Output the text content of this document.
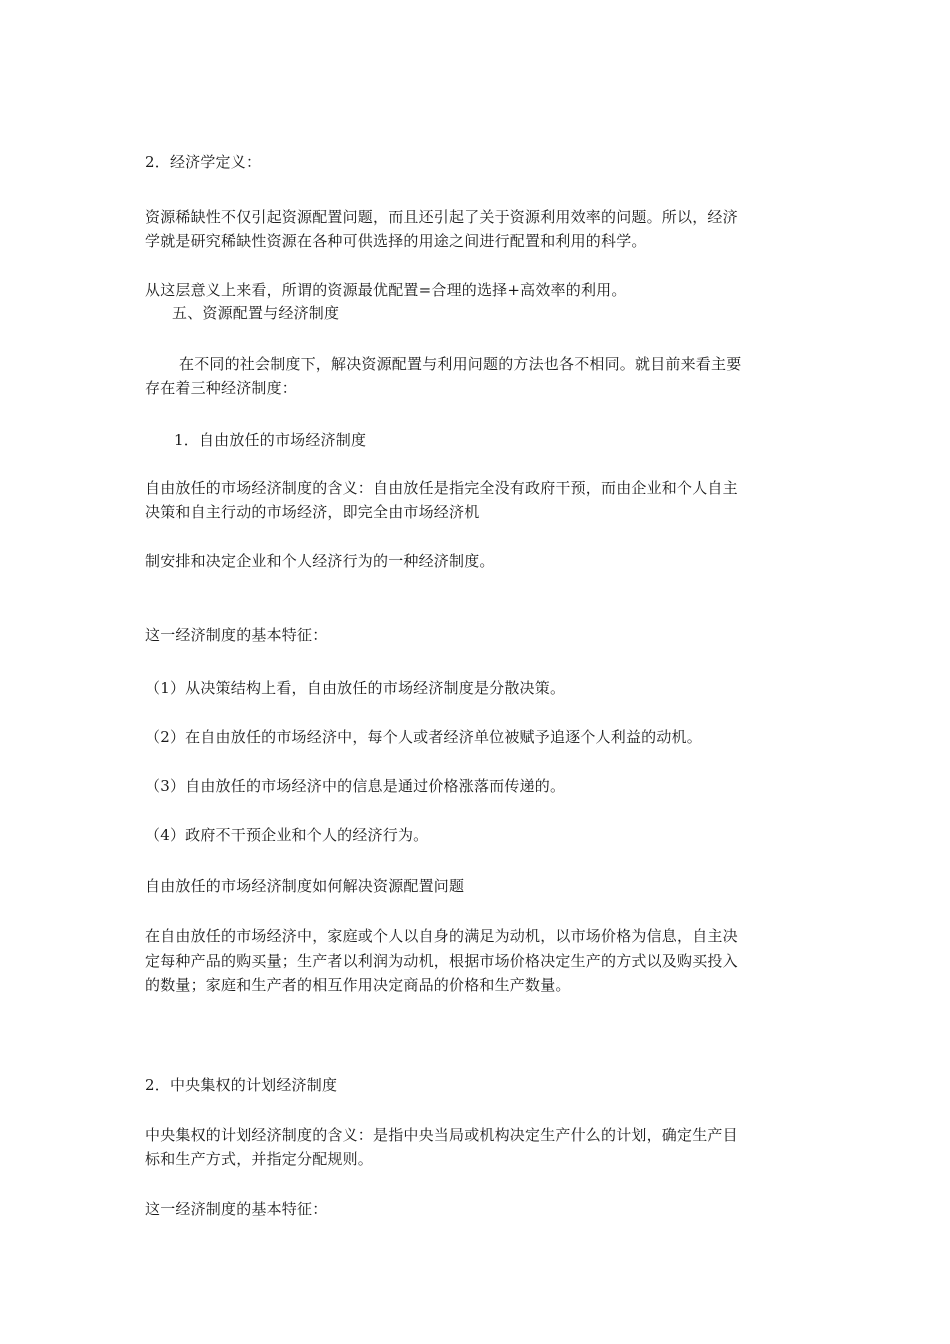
2．经济学定义：
资源稀缺性不仅引起资源配置问题，而且还引起了关于资源利用效率的问题。所以，经济
学就是研究稀缺性资源在各种可供选择的用途之间进行配置和利用的科学。
从这层意义上来看，所谓的资源最优配置=合理的选择+高效率的利用。
五、资源配置与经济制度
在不同的社会制度下，解决资源配置与利用问题的方法也各不相同。就目前来看主要
存在着三种经济制度：
1．自由放任的市场经济制度
自由放任的市场经济制度的含义：自由放任是指完全没有政府干预，而由企业和个人自主
决策和自主行动的市场经济，即完全由市场经济机
制安排和决定企业和个人经济行为的一种经济制度。
这一经济制度的基本特征：
（1）从决策结构上看，自由放任的市场经济制度是分散决策。
（2）在自由放任的市场经济中，每个人或者经济单位被赋予追逐个人利益的动机。
（3）自由放任的市场经济中的信息是通过价格涨落而传递的。
（4）政府不干预企业和个人的经济行为。
自由放任的市场经济制度如何解决资源配置问题
在自由放任的市场经济中，家庭或个人以自身的满足为动机，以市场价格为信息，自主决
定每种产品的购买量；生产者以利润为动机，根据市场价格决定生产的方式以及购买投入
的数量；家庭和生产者的相互作用决定商品的价格和生产数量。
2．中央集权的计划经济制度
中央集权的计划经济制度的含义：是指中央当局或机构决定生产什么的计划，确定生产目
标和生产方式，并指定分配规则。
这一经济制度的基本特征：
